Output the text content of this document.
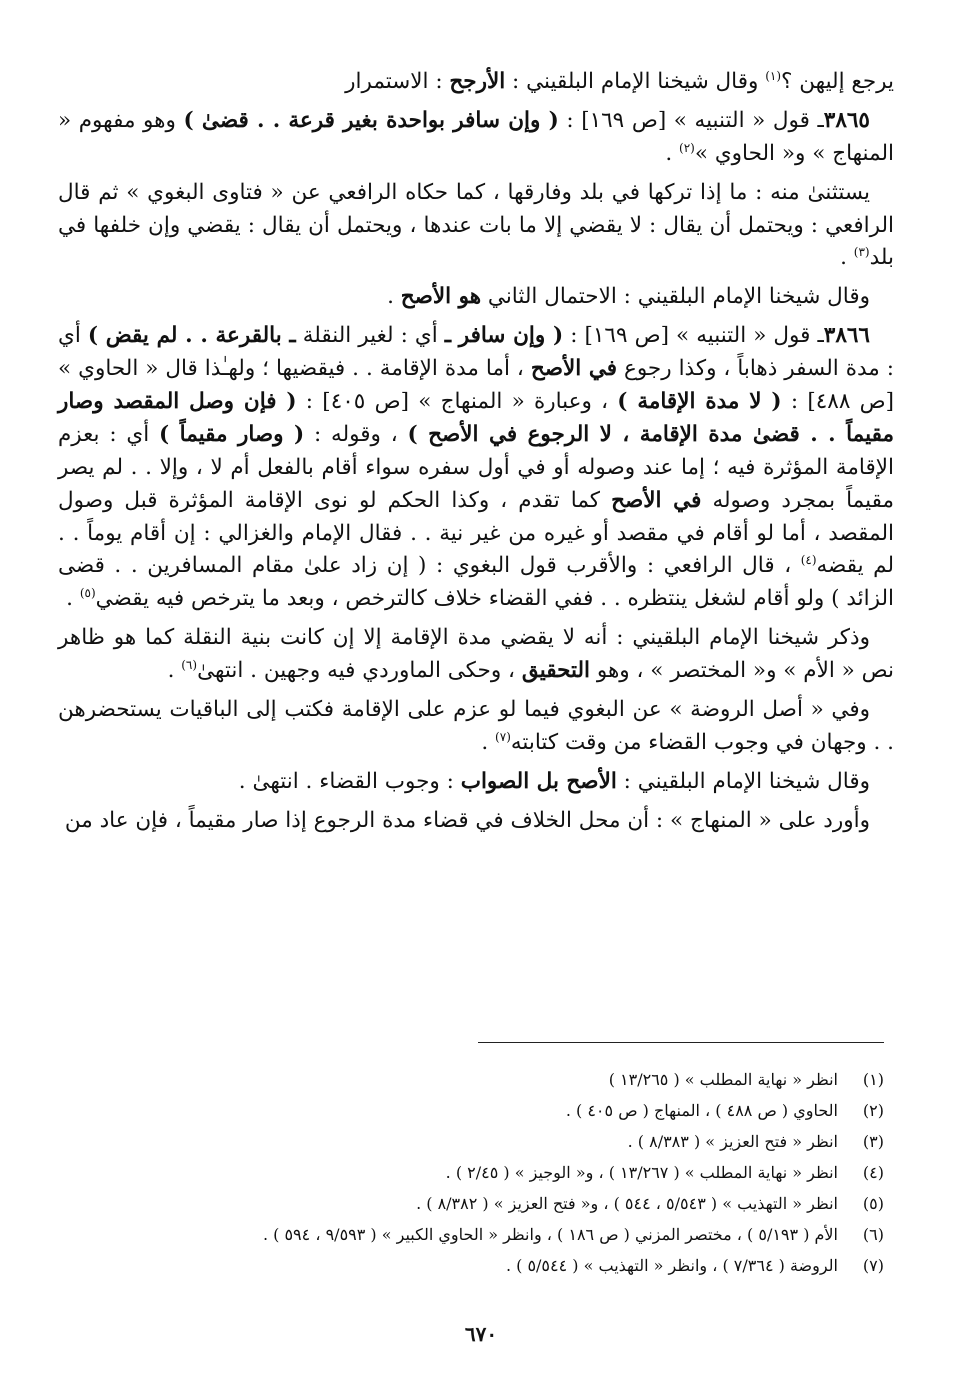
يرجع إليهن ؟$^{(١)}$ وقال شيخنا الإمام البلقيني : الأرجح : الاستمرار

٣٨٦٥ـ قول « التنبيه » [ص ١٦٩] : ( وإن سافر بواحدة بغير قرعة . . قضىٰ ) وهو مفهوم « المنهاج » و« الحاوي »$^{(٢)}$ .

يستثنىٰ منه : ما إذا تركها في بلد وفارقها ، كما حكاه الرافعي عن « فتاوى البغوي » ثم قال الرافعي : ويحتمل أن يقال : لا يقضي إلا ما بات عندها ، ويحتمل أن يقال : يقضي وإن خلفها في بلد$^{(٣)}$ .

وقال شيخنا الإمام البلقيني : الاحتمال الثاني هو الأصح .

٣٨٦٦ـ قول « التنبيه » [ص ١٦٩] : ( وإن سافر ـ أي : لغير النقلة ـ بالقرعة . . لم يقض ) أي : مدة السفر ذهاباً ، وكذا رجوع في الأصح ، أما مدة الإقامة . . فيقضيها ؛ ولهـٰذا قال « الحاوي » [ص ٤٨٨] : ( لا مدة الإقامة ) ، وعبارة « المنهاج » [ص ٤٠٥] : ( فإن وصل المقصد وصار مقيماً . . قضىٰ مدة الإقامة ، لا الرجوع في الأصح ) ، وقوله : ( وصار مقيماً ) أي : بعزم الإقامة المؤثرة فيه ؛ إما عند وصوله أو في أول سفره سواء أقام بالفعل أم لا ، وإلا . . لم يصر مقيماً بمجرد وصوله في الأصح كما تقدم ، وكذا الحكم لو نوى الإقامة المؤثرة قبل وصول المقصد ، أما لو أقام في مقصد أو غيره من غير نية . . فقال الإمام والغزالي : إن أقام يوماً . . لم يقضه$^{(٤)}$ ، قال الرافعي : والأقرب قول البغوي : ( إن زاد علىٰ مقام المسافرين . . قضى الزائد ) ولو أقام لشغل ينتظره . . ففي القضاء خلاف كالترخص ، وبعد ما يترخص فيه يقضي$^{(٥)}$ .

وذكر شيخنا الإمام البلقيني : أنه لا يقضي مدة الإقامة إلا إن كانت بنية النقلة كما هو ظاهر نص « الأم » و« المختصر » ، وهو التحقيق ، وحكى الماوردي فيه وجهين . انتهىٰ$^{(٦)}$ .

وفي « أصل الروضة » عن البغوي فيما لو عزم على الإقامة فكتب إلى الباقيات يستحضرهن . . وجهان في وجوب القضاء من وقت كتابته$^{(٧)}$ .

وقال شيخنا الإمام البلقيني : الأصح بل الصواب : وجوب القضاء . انتهىٰ .

وأورد على « المنهاج » : أن محل الخلاف في قضاء مدة الرجوع إذا صار مقيماً ، فإن عاد من

(١)انظر « نهاية المطلب » ( ١٣/٢٦٥ )
(٢)الحاوي ( ص ٤٨٨ ) ، المنهاج ( ص ٤٠٥ ) .
(٣)انظر « فتح العزيز » ( ٨/٣٨٣ ) .
(٤)انظر « نهاية المطلب » ( ١٣/٢٦٧ ) ، و« الوجيز » ( ٢/٤٥ ) .
(٥)انظر « التهذيب » ( ٥/٥٤٣ ، ٥٤٤ ) ، و« فتح العزيز » ( ٨/٣٨٢ ) .
(٦)الأم ( ٥/١٩٣ ) ، مختصر المزني ( ص ١٨٦ ) ، وانظر « الحاوي الكبير » ( ٩/٥٩٣ ، ٥٩٤ ) .
(٧)الروضة ( ٧/٣٦٤ ) ، وانظر « التهذيب » ( ٥/٥٤٤ ) .
٦٧٠
